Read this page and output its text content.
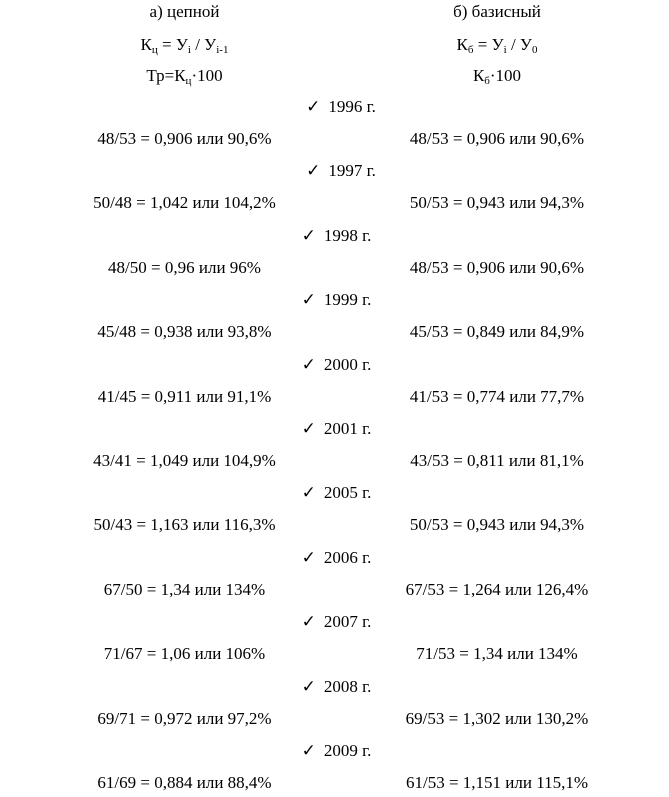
а) цепной	б) базисный
$К_ц = У_i / У_{i-1}$	$К_б = У_i / У_0$
$Тр=К_ц\cdot 100$	$К_б\cdot 100$
✓ 1996 г.
48/53 = 0,906 или 90,6%	48/53 = 0,906 или 90,6%
✓ 1997 г.
50/48 = 1,042 или 104,2%	50/53 = 0,943 или 94,3%
✓ 1998 г.
48/50 = 0,96 или 96%	48/53 = 0,906 или 90,6%
✓ 1999 г.
45/48 = 0,938 или 93,8%	45/53 = 0,849 или 84,9%
✓ 2000 г.
41/45 = 0,911 или 91,1%	41/53 = 0,774 или 77,7%
✓ 2001 г.
43/41 = 1,049 или 104,9%	43/53 = 0,811 или 81,1%
✓ 2005 г.
50/43 = 1,163 или 116,3%	50/53 = 0,943 или 94,3%
✓ 2006 г.
67/50 = 1,34 или 134%	67/53 = 1,264 или 126,4%
✓ 2007 г.
71/67 = 1,06 или 106%	71/53 = 1,34 или 134%
✓ 2008 г.
69/71 = 0,972 или 97,2%	69/53 = 1,302 или 130,2%
✓ 2009 г.
61/69 = 0,884 или 88,4%	61/53 = 1,151 или 115,1%
